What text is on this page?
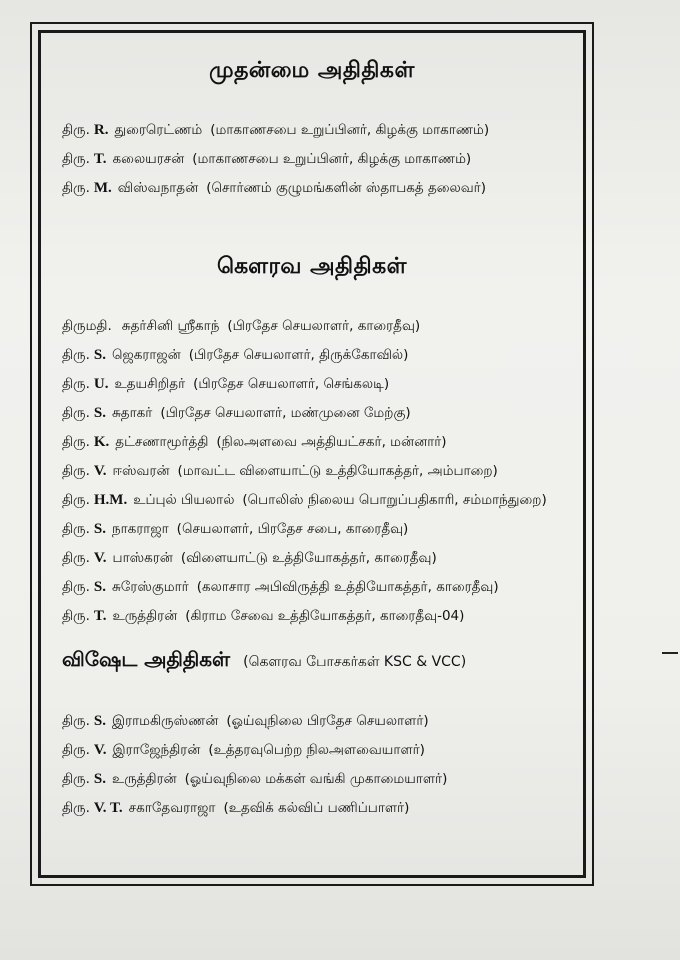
முதன்மை அதிதிகள்
திரு. R. துரைரெட்ணம் (மாகாணசபை உறுப்பினர், கிழக்கு மாகாணம்)
திரு. T. கலையரசன் (மாகாணசபை உறுப்பினர், கிழக்கு மாகாணம்)
திரு. M. விஸ்வநாதன் (சொர்ணம் குழுமங்களின் ஸ்தாபகத் தலைவர்)
கௌரவ அதிதிகள்
திருமதி. சுதர்சினி ஸ்ரீகாந் (பிரதேச செயலாளர், காரைதீவு)
திரு. S. ஜெகராஜன் (பிரதேச செயலாளர், திருக்கோவில்)
திரு. U. உதயசிறிதர் (பிரதேச செயலாளர், செங்கலடி)
திரு. S. சுதாகர் (பிரதேச செயலாளர், மண்முனை மேற்கு)
திரு. K. தட்சணாமூர்த்தி (நிலஅளவை அத்தியட்சகர், மன்னார்)
திரு. V. ஈஸ்வரன் (மாவட்ட விளையாட்டு உத்தியோகத்தர், அம்பாறை)
திரு. H.M. உப்புல் பியலால் (பொலிஸ் நிலைய பொறுப்பதிகாரி, சம்மாந்துறை)
திரு. S. நாகராஜா (செயலாளர், பிரதேச சபை, காரைதீவு)
திரு. V. பாஸ்கரன் (விளையாட்டு உத்தியோகத்தர், காரைதீவு)
திரு. S. சுரேஸ்குமார் (கலாசார அபிவிருத்தி உத்தியோகத்தர், காரைதீவு)
திரு. T. உருத்திரன் (கிராம சேவை உத்தியோகத்தர், காரைதீவு-04)
விஷேட அதிதிகள் (கௌரவ போசகர்கள் KSC & VCC)
திரு. S. இராமகிருஸ்ணன் (ஓய்வுநிலை பிரதேச செயலாளர்)
திரு. V. இராஜேந்திரன் (உத்தரவுபெற்ற நிலஅளவையாளர்)
திரு. S. உருத்திரன் (ஓய்வுநிலை மக்கள் வங்கி முகாமையாளர்)
திரு. V. T. சகாதேவராஜா (உதவிக் கல்விப் பணிப்பாளர்)
